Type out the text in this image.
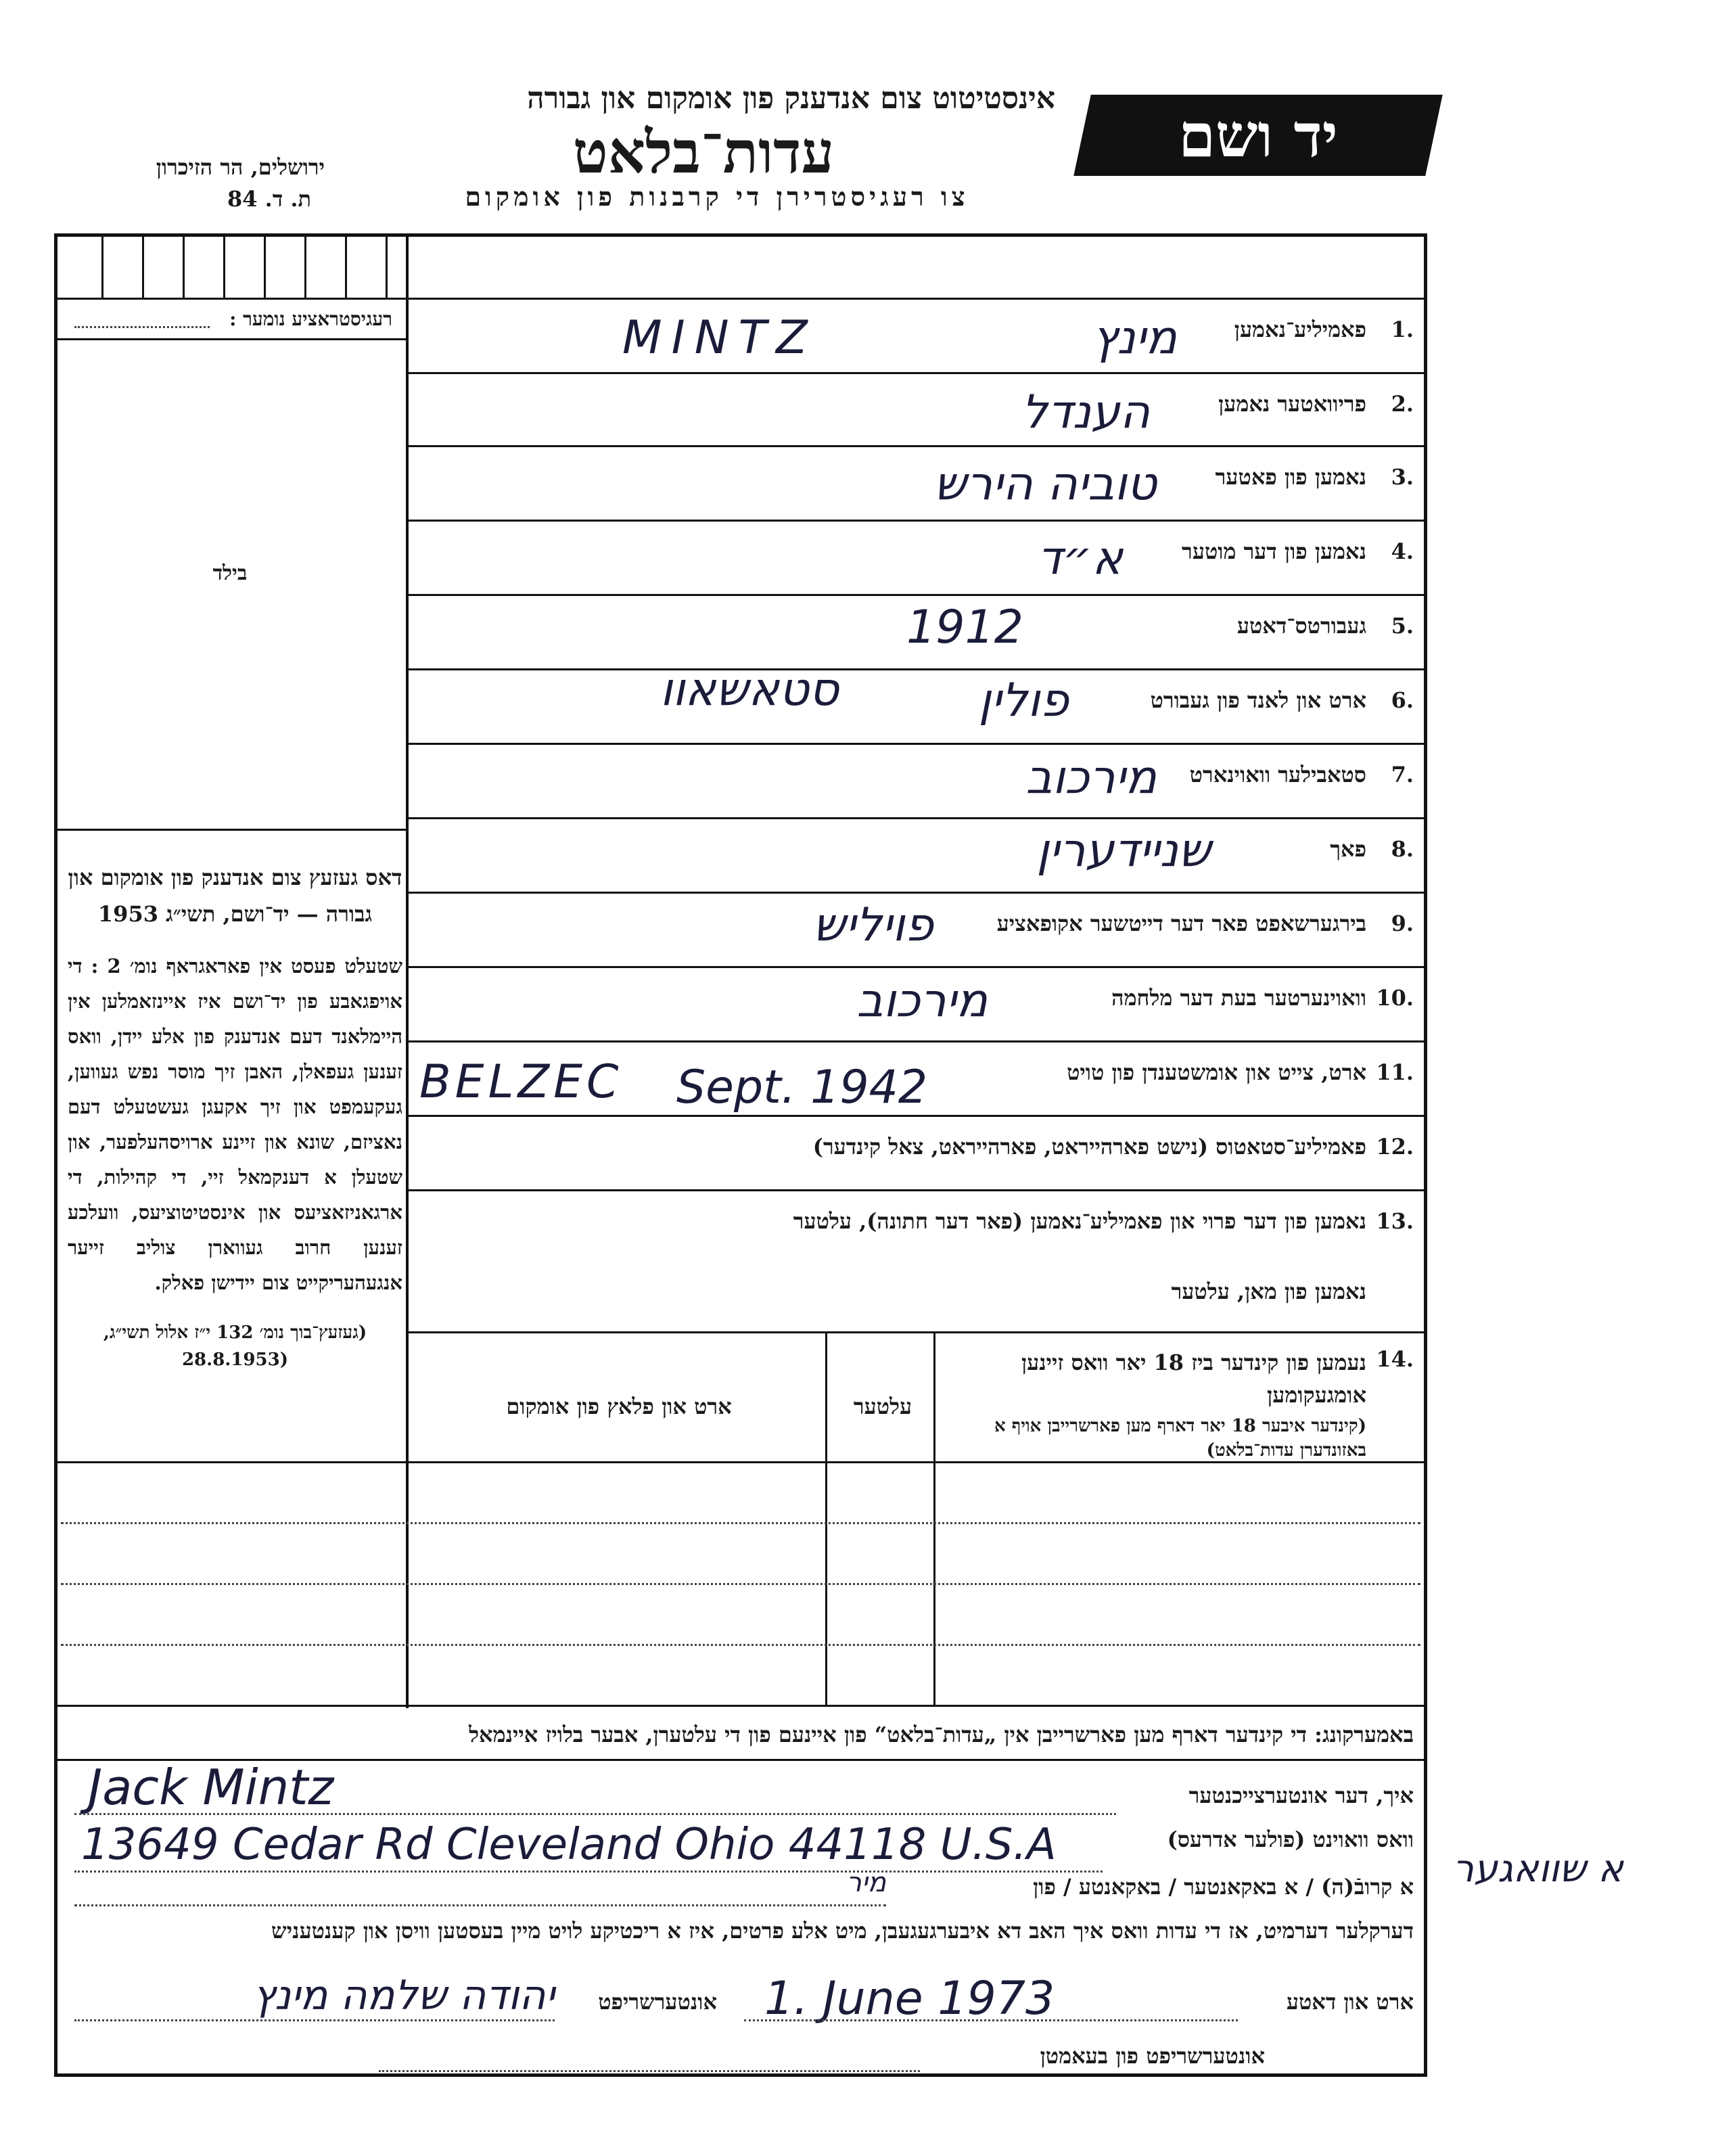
יד ושם
אינסטיטוט צום אנדענק פון אומקום און גבורה
עדות־בלאט
צו רעגיסטרירן די קרבנות פון אומקום
ירושלים, הר הזיכרון
ת. ד. 84
רעגיסטראציע נומער :
בילד
דאס געזעץ צום אנדענק פון אומקום און גבורה — יד־ושם, תשי״ג 1953
שטעלט פעסט אין פאראגראף נומ׳ 2 : די אויפגאבע פון יד־ושם איז איינזאמלען אין היימלאנד דעם אנדענק פון אלע יידן, וואס זענען געפאלן, האבן זיך מוסר נפש געווען, געקעמפט און זיך אקעגן געשטעלט דעם נאציזם, שונא און זיינע ארויסהעלפער, און שטעלן א דענקמאל זיי, די קהילות, די ארגאניזאציעס און אינסטיטוציעס, וועלכע זענען חרוב געווארן צוליב זייער אנגעהעריקייט צום יידישן פאלק.
(געזעץ־בוך נומ׳ 132 י״ז אלול תשי״ג, (28.8.1953
1.
פאמיליע־נאמען
מינץ
MINTZ
2.
פריוואטער נאמען
הענדל
3.
נאמען פון פאטער
טוביה הירש
4.
נאמען פון דער מוטער
א״ד
5.
געבורטס־דאטע
1912
6.
ארט און לאנד פון געבורט
פולין
סטאשאוו
7.
סטאבילער וואוינארט
מירכוב
8.
פאך
שניידערין
9.
בירגערשאפט פאר דער דייטשער אקופאציע
פויליש
10.
וואוינערטער בעת דער מלחמה
מירכוב
11.
ארט, צייט און אומשטענדן פון טויט
BELZEC	Sept. 1942
12.
פאמיליע־סטאטוס (נישט פארהייראט, פארהייראט, צאל קינדער)
13.
נאמען פון דער פרוי און פאמיליע־נאמען (פאר דער חתונה), עלטער
נאמען פון מאן, עלטער
14.
נעמען פון קינדער ביז 18 יאר וואס זיינען אומגעקומען
(קינדער איבער 18 יאר דארף מען פארשרייבן אויף א באזונדערן עדות־בלאט)
עלטער
ארט און פלאץ פון אומקום
באמערקונג: די קינדער דארף מען פארשרייבן אין „עדות־בלאט“ פון איינעם פון די עלטערן, אבער בלויז איינמאל
איך, דער אונטערצייכנטער
Jack Mintz
וואס וואוינט (פולער אדרעס)
13649 Cedar Rd Cleveland Ohio 44118 U.S.A
א קרובֿ(ה) / א באקאנטער / באקאנטע / פון
מיר	א שוואגער
דערקלער דערמיט, אז די עדות וואס איך האב דא איבערגעגעבן, מיט אלע פרטים, איז א ריכטיקע לויט מיין בעסטען וויסן און קענטעניש
ארט און דאטע
1. June 1973
אונטערשריפט
יהודה שלמה מינץ
אונטערשריפט פון בעאמטן
